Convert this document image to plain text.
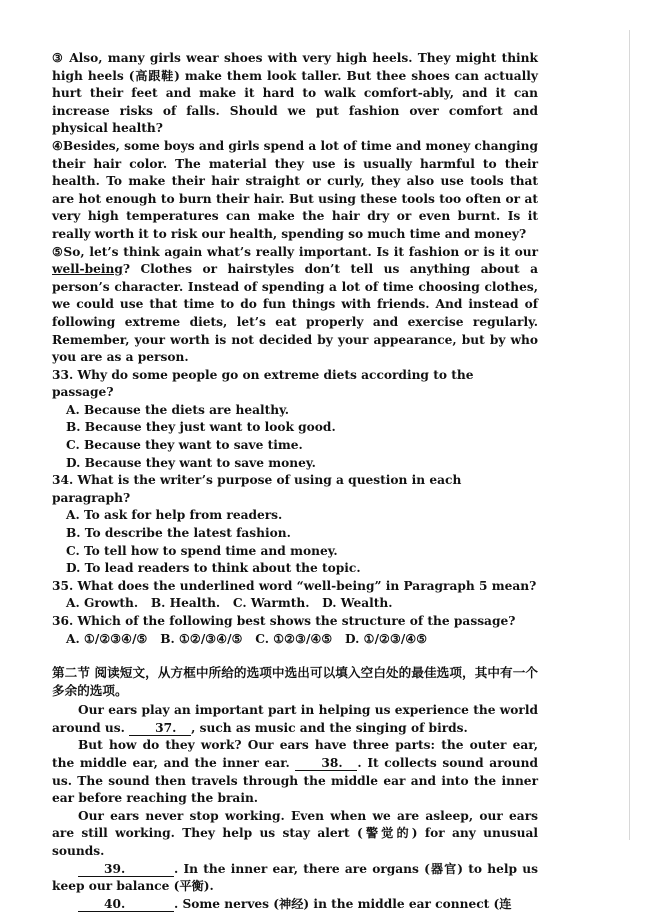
③ Also, many girls wear shoes with very high heels. They might think high heels (高跟鞋) make them look taller. But thee shoes can actually hurt their feet and make it hard to walk comfort-ably, and it can increase risks of falls. Should we put fashion over comfort and physical health?

④Besides, some boys and girls spend a lot of time and money changing their hair color. The material they use is usually harmful to their health. To make their hair straight or curly, they also use tools that are hot enough to burn their hair. But using these tools too often or at very high temperatures can make the hair dry or even burnt. Is it really worth it to risk our health, spending so much time and money?

⑤So, let’s think again what’s really important. Is it fashion or is it our well-being? Clothes or hairstyles don’t tell us anything about a person’s character. Instead of spending a lot of time choosing clothes, we could use that time to do fun things with friends. And instead of following extreme diets, let’s eat properly and exercise regularly. Remember, your worth is not decided by your appearance, but by who you are as a person.

33. Why do some people go on extreme diets according to the passage?

A. Because the diets are healthy.

B. Because they just want to look good.

C. Because they want to save time.

D. Because they want to save money.

34. What is the writer’s purpose of using a question in each paragraph?

A. To ask for help from readers.

B. To describe the latest fashion.

C. To tell how to spend time and money.

D. To lead readers to think about the topic.

35. What does the underlined word “well-being” in Paragraph 5 mean?

A. Growth.   B. Health.   C. Warmth.   D. Wealth.

36. Which of the following best shows the structure of the passage?

A. ①/②③④/⑤   B. ①②/③④/⑤   C. ①②③/④⑤   D. ①/②③/④⑤

第二节 阅读短文，从方框中所给的选项中选出可以填入空白处的最佳选项，其中有一个多余的选项。

Our ears play an important part in helping us experience the world around us. 37. , such as music and the singing of birds.

But how do they work? Our ears have three parts: the outer ear, the middle ear, and the inner ear. 38. . It collects sound around us. The sound then travels through the middle ear and into the inner ear before reaching the brain.

Our ears never stop working. Even when we are asleep, our ears are still working. They help us stay alert (警觉的) for any unusual sounds.

39.	. In the inner ear, there are organs (器官) to help us keep our balance (平衡).

40.	. Some nerves (神经) in the middle ear connect (连
